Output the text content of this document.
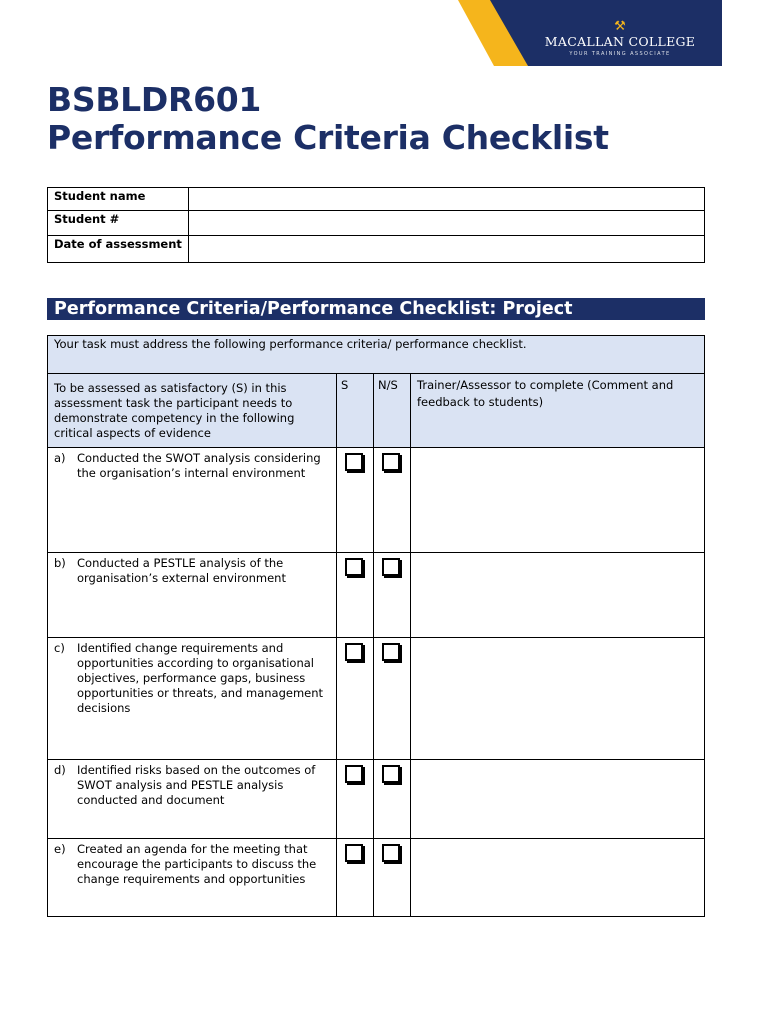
⚒
MACALLAN COLLEGE
YOUR TRAINING ASSOCIATE
BSBLDR601
Performance Criteria Checklist
Student name	
Student #	
Date of assessment	
Performance Criteria/Performance Checklist: Project
Your task must address the following performance criteria/ performance checklist.			
To be assessed as satisfactory (S) in this assessment task the participant needs to demonstrate competency in the following critical aspects of evidence	S	N/S	Trainer/Assessor to complete (Comment and feedback to students)

a) Conducted the SWOT analysis considering the organisation’s internal environment			

b) Conducted a PESTLE analysis of the organisation’s external environment			

c) Identified change requirements and opportunities according to organisational objectives, performance gaps, business opportunities or threats, and management decisions			

d) Identified risks based on the outcomes of SWOT analysis and PESTLE analysis conducted and document			

e) Created an agenda for the meeting that encourage the participants to discuss the change requirements and opportunities			
